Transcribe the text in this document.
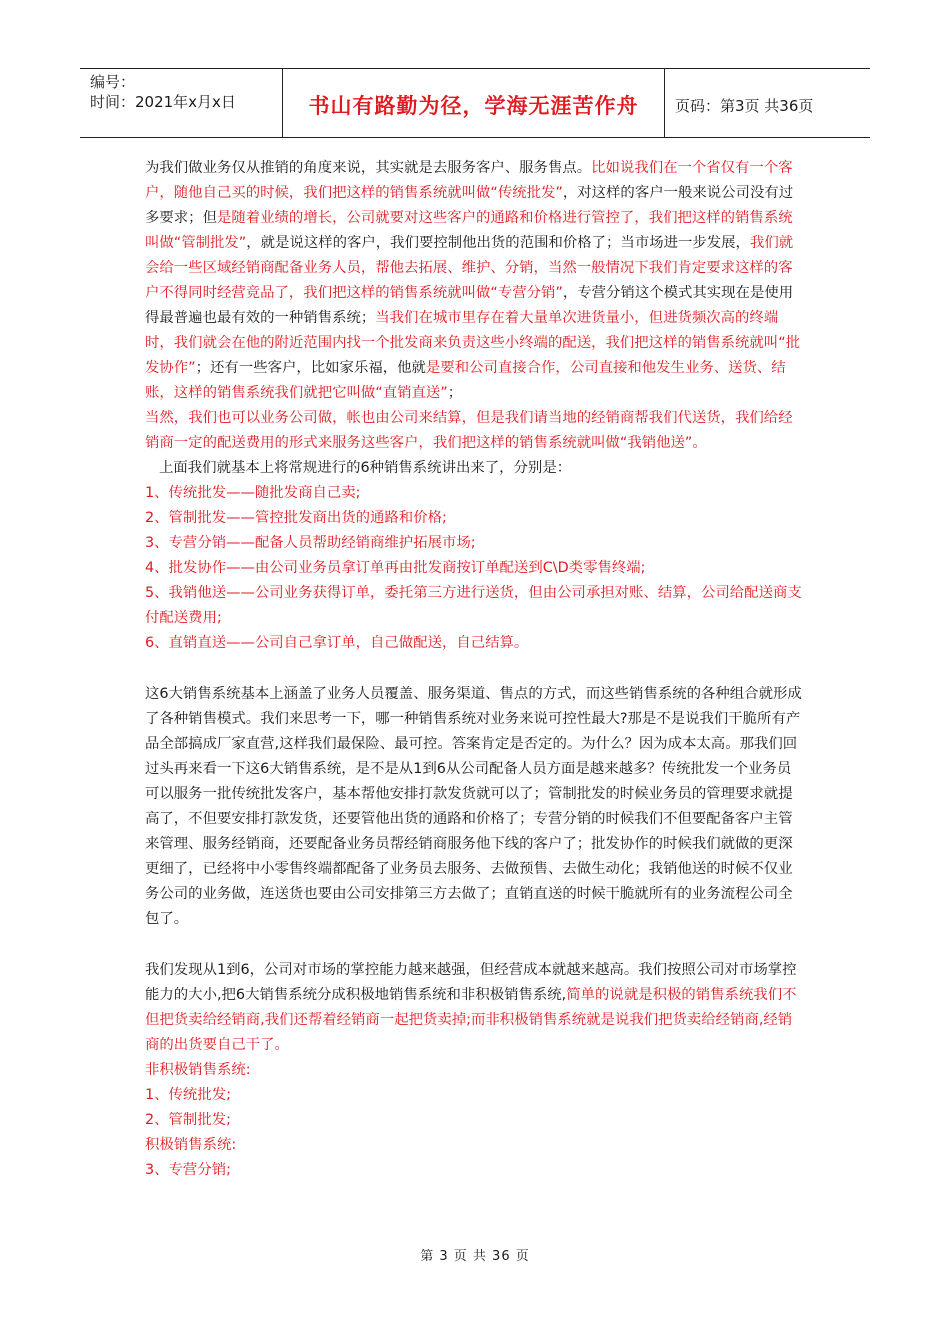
编号：
时间：2021年x月x日	书山有路勤为径，学海无涯苦作舟	页码：第3页 共36页

为我们做业务仅从推销的角度来说，其实就是去服务客户、服务售点。比如说我们在一个省仅有一个客户，随他自己买的时候，我们把这样的销售系统就叫做“传统批发”，对这样的客户一般来说公司没有过多要求；但是随着业绩的增长，公司就要对这些客户的通路和价格进行管控了，我们把这样的销售系统叫做“管制批发”，就是说这样的客户，我们要控制他出货的范围和价格了；当市场进一步发展，我们就会给一些区域经销商配备业务人员，帮他去拓展、维护、分销，当然一般情况下我们肯定要求这样的客户不得同时经营竞品了，我们把这样的销售系统就叫做“专营分销”，专营分销这个模式其实现在是使用得最普遍也最有效的一种销售系统；当我们在城市里存在着大量单次进货量小，但进货频次高的终端时，我们就会在他的附近范围内找一个批发商来负责这些小终端的配送，我们把这样的销售系统就叫“批发协作”；还有一些客户，比如家乐福，他就是要和公司直接合作，公司直接和他发生业务、送货、结账，这样的销售系统我们就把它叫做“直销直送”；

当然，我们也可以业务公司做，帐也由公司来结算，但是我们请当地的经销商帮我们代送货，我们给经销商一定的配送费用的形式来服务这些客户，我们把这样的销售系统就叫做“我销他送”。

上面我们就基本上将常规进行的6种销售系统讲出来了，分别是：

1、传统批发——随批发商自己卖;

2、管制批发——管控批发商出货的通路和价格;

3、专营分销——配备人员帮助经销商维护拓展市场;

4、批发协作——由公司业务员拿订单再由批发商按订单配送到C\D类零售终端;

5、我销他送——公司业务获得订单，委托第三方进行送货，但由公司承担对账、结算，公司给配送商支付配送费用;

6、直销直送——公司自己拿订单，自己做配送，自己结算。

这6大销售系统基本上涵盖了业务人员覆盖、服务渠道、售点的方式，而这些销售系统的各种组合就形成了各种销售模式。我们来思考一下，哪一种销售系统对业务来说可控性最大?那是不是说我们干脆所有产品全部搞成厂家直营,这样我们最保险、最可控。答案肯定是否定的。为什么？因为成本太高。那我们回过头再来看一下这6大销售系统，是不是从1到6从公司配备人员方面是越来越多？传统批发一个业务员可以服务一批传统批发客户，基本帮他安排打款发货就可以了；管制批发的时候业务员的管理要求就提高了，不但要安排打款发货，还要管他出货的通路和价格了；专营分销的时候我们不但要配备客户主管来管理、服务经销商，还要配备业务员帮经销商服务他下线的客户了；批发协作的时候我们就做的更深更细了，已经将中小零售终端都配备了业务员去服务、去做预售、去做生动化；我销他送的时候不仅业务公司的业务做，连送货也要由公司安排第三方去做了；直销直送的时候干脆就所有的业务流程公司全包了。

我们发现从1到6，公司对市场的掌控能力越来越强，但经营成本就越来越高。我们按照公司对市场掌控能力的大小,把6大销售系统分成积极地销售系统和非积极销售系统,简单的说就是积极的销售系统我们不但把货卖给经销商,我们还帮着经销商一起把货卖掉;而非积极销售系统就是说我们把货卖给经销商,经销商的出货要自己干了。

非积极销售系统:

1、传统批发;

2、管制批发;

积极销售系统:

3、专营分销;

第 3 页 共 36 页
